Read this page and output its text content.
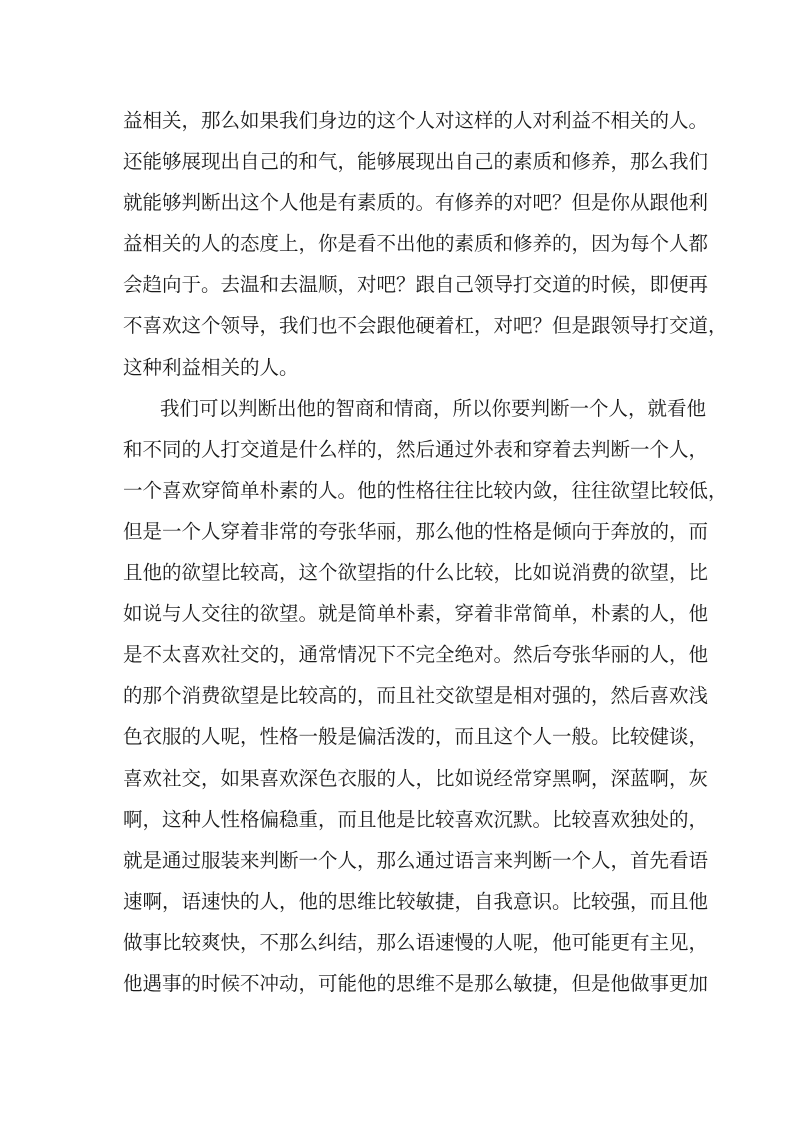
益相关，那么如果我们身边的这个人对这样的人对利益不相关的人。
还能够展现出自己的和气，能够展现出自己的素质和修养，那么我们
就能够判断出这个人他是有素质的。有修养的对吧？但是你从跟他利
益相关的人的态度上，你是看不出他的素质和修养的，因为每个人都
会趋向于。去温和去温顺，对吧？跟自己领导打交道的时候，即便再
不喜欢这个领导，我们也不会跟他硬着杠，对吧？但是跟领导打交道，
这种利益相关的人。
我们可以判断出他的智商和情商，所以你要判断一个人，就看他
和不同的人打交道是什么样的，然后通过外表和穿着去判断一个人，
一个喜欢穿简单朴素的人。他的性格往往比较内敛，往往欲望比较低，
但是一个人穿着非常的夸张华丽，那么他的性格是倾向于奔放的，而
且他的欲望比较高，这个欲望指的什么比较，比如说消费的欲望，比
如说与人交往的欲望。就是简单朴素，穿着非常简单，朴素的人，他
是不太喜欢社交的，通常情况下不完全绝对。然后夸张华丽的人，他
的那个消费欲望是比较高的，而且社交欲望是相对强的，然后喜欢浅
色衣服的人呢，性格一般是偏活泼的，而且这个人一般。比较健谈，
喜欢社交，如果喜欢深色衣服的人，比如说经常穿黑啊，深蓝啊，灰
啊，这种人性格偏稳重，而且他是比较喜欢沉默。比较喜欢独处的，
就是通过服装来判断一个人，那么通过语言来判断一个人，首先看语
速啊，语速快的人，他的思维比较敏捷，自我意识。比较强，而且他
做事比较爽快，不那么纠结，那么语速慢的人呢，他可能更有主见，
他遇事的时候不冲动，可能他的思维不是那么敏捷，但是他做事更加
